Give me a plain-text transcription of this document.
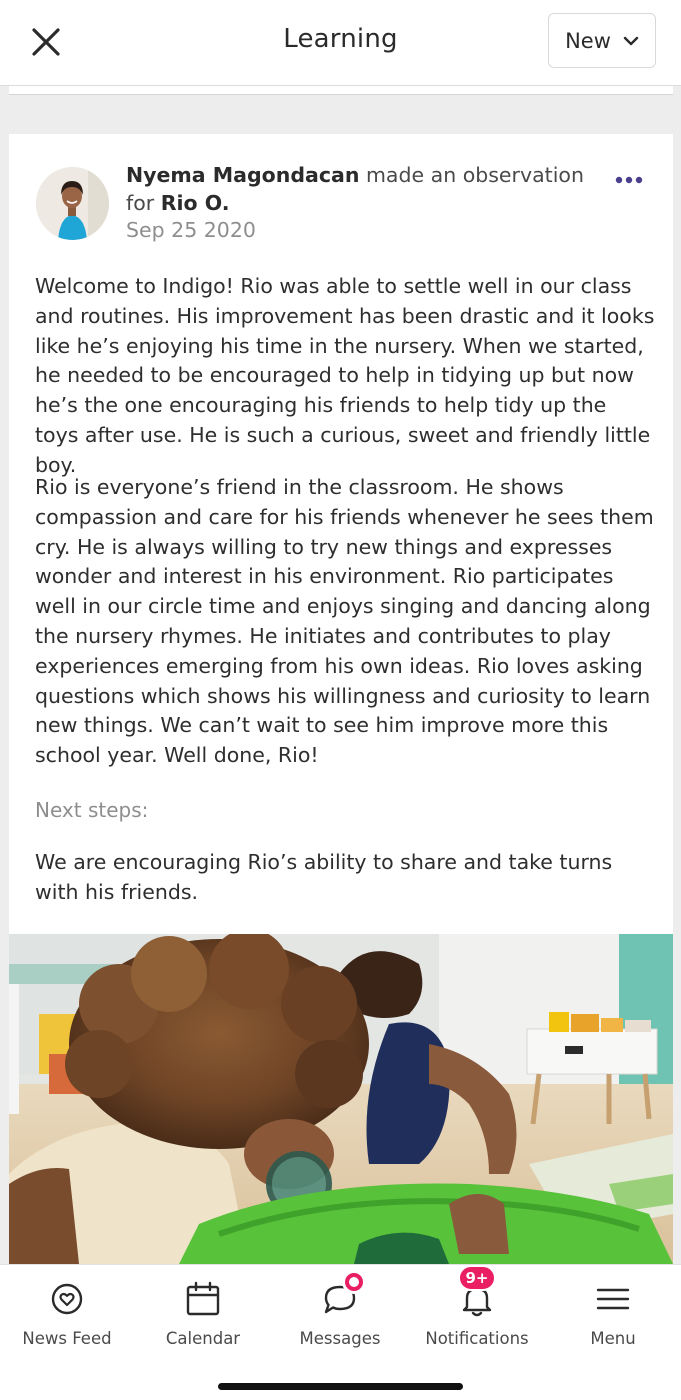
Learning	New
Nyema Magondacan made an observation
for Rio O.
Sep 25 2020
Welcome to Indigo! Rio was able to settle well in our class and routines. His improvement has been drastic and it looks like he’s enjoying his time in the nursery. When we started, he needed to be encouraged to help in tidying up but now he’s the one encouraging his friends to help tidy up the toys after use. He is such a curious, sweet and friendly little boy.
Rio is everyone’s friend in the classroom. He shows compassion and care for his friends whenever he sees them cry. He is always willing to try new things and expresses wonder and interest in his environment. Rio participates well in our circle time and enjoys singing and dancing along the nursery rhymes. He initiates and contributes to play experiences emerging from his own ideas. Rio loves asking questions which shows his willingness and curiosity to learn new things. We can’t wait to see him improve more this school year. Well done, Rio!
Next steps:
We are encouraging Rio’s ability to share and take turns with his friends.
News Feed	Calendar	Messages
9+
Notifications	Menu
